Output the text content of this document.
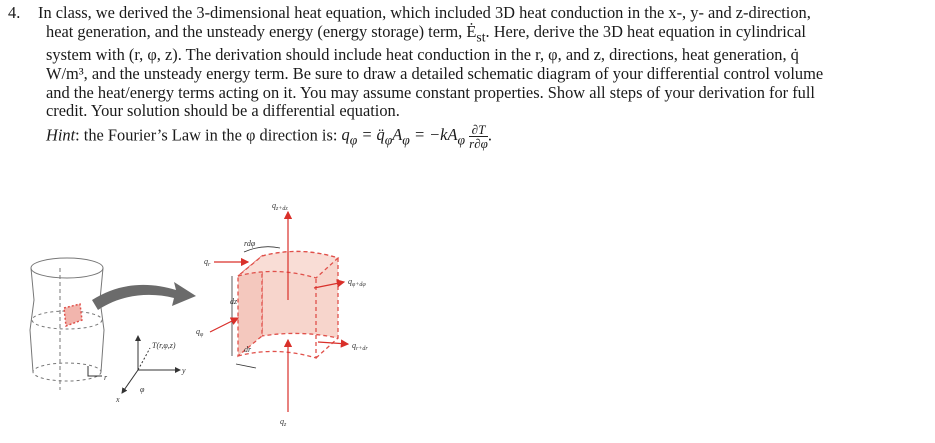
4. In class, we derived the 3-dimensional heat equation, which included 3D heat conduction in the x-, y- and z-direction,

heat generation, and the unsteady energy (energy storage) term, $Ė_{st}$. Here, derive the 3D heat equation in cylindrical

system with (r, φ, z). The derivation should include heat conduction in the r, φ, and z, directions, heat generation, q̇

W/m³, and the unsteady energy term. Be sure to draw a detailed schematic diagram of your differential control volume

and the heat/energy terms acting on it. You may assume constant properties. Show all steps of your derivation for full

credit. Your solution should be a differential equation.

Hint: the Fourier’s Law in the φ direction is: $q_\varphi$ = $q̈_\varphi A_\varphi = -kA_\varphi \frac{\partial T}{r\partial\varphi}$ .

T(r,φ,z)
y
x
φ
r
$q_{z+dz}$
rdφ
$q_r$
$q_{\varphi+d\varphi}$
dz
$q_\varphi$
dr	$q_{r+dr}$
$q_z$
